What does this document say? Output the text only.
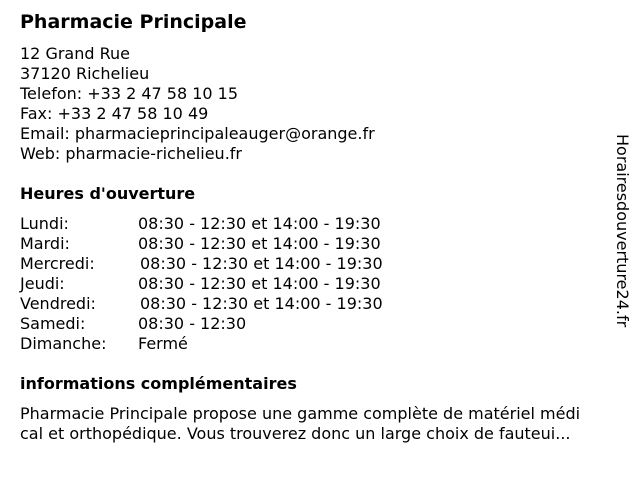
Pharmacie Principale
12 Grand Rue
37120 Richelieu
Telefon: +33 2 47 58 10 15
Fax: +33 2 47 58 10 49
Email: pharmacieprincipaleauger@orange.fr
Web: pharmacie-richelieu.fr
Heures d'ouverture
Lundi:	08:30 - 12:30 et 14:00 - 19:30
Mardi:	08:30 - 12:30 et 14:00 - 19:30
Mercredi:	08:30 - 12:30 et 14:00 - 19:30
Jeudi:	08:30 - 12:30 et 14:00 - 19:30
Vendredi:	08:30 - 12:30 et 14:00 - 19:30
Samedi:	08:30 - 12:30
Dimanche: Fermé
informations complémentaires
Pharmacie Principale propose une gamme complète de matériel médi
cal et orthopédique. Vous trouverez donc un large choix de fauteui...
Horairesdouverture24.fr
